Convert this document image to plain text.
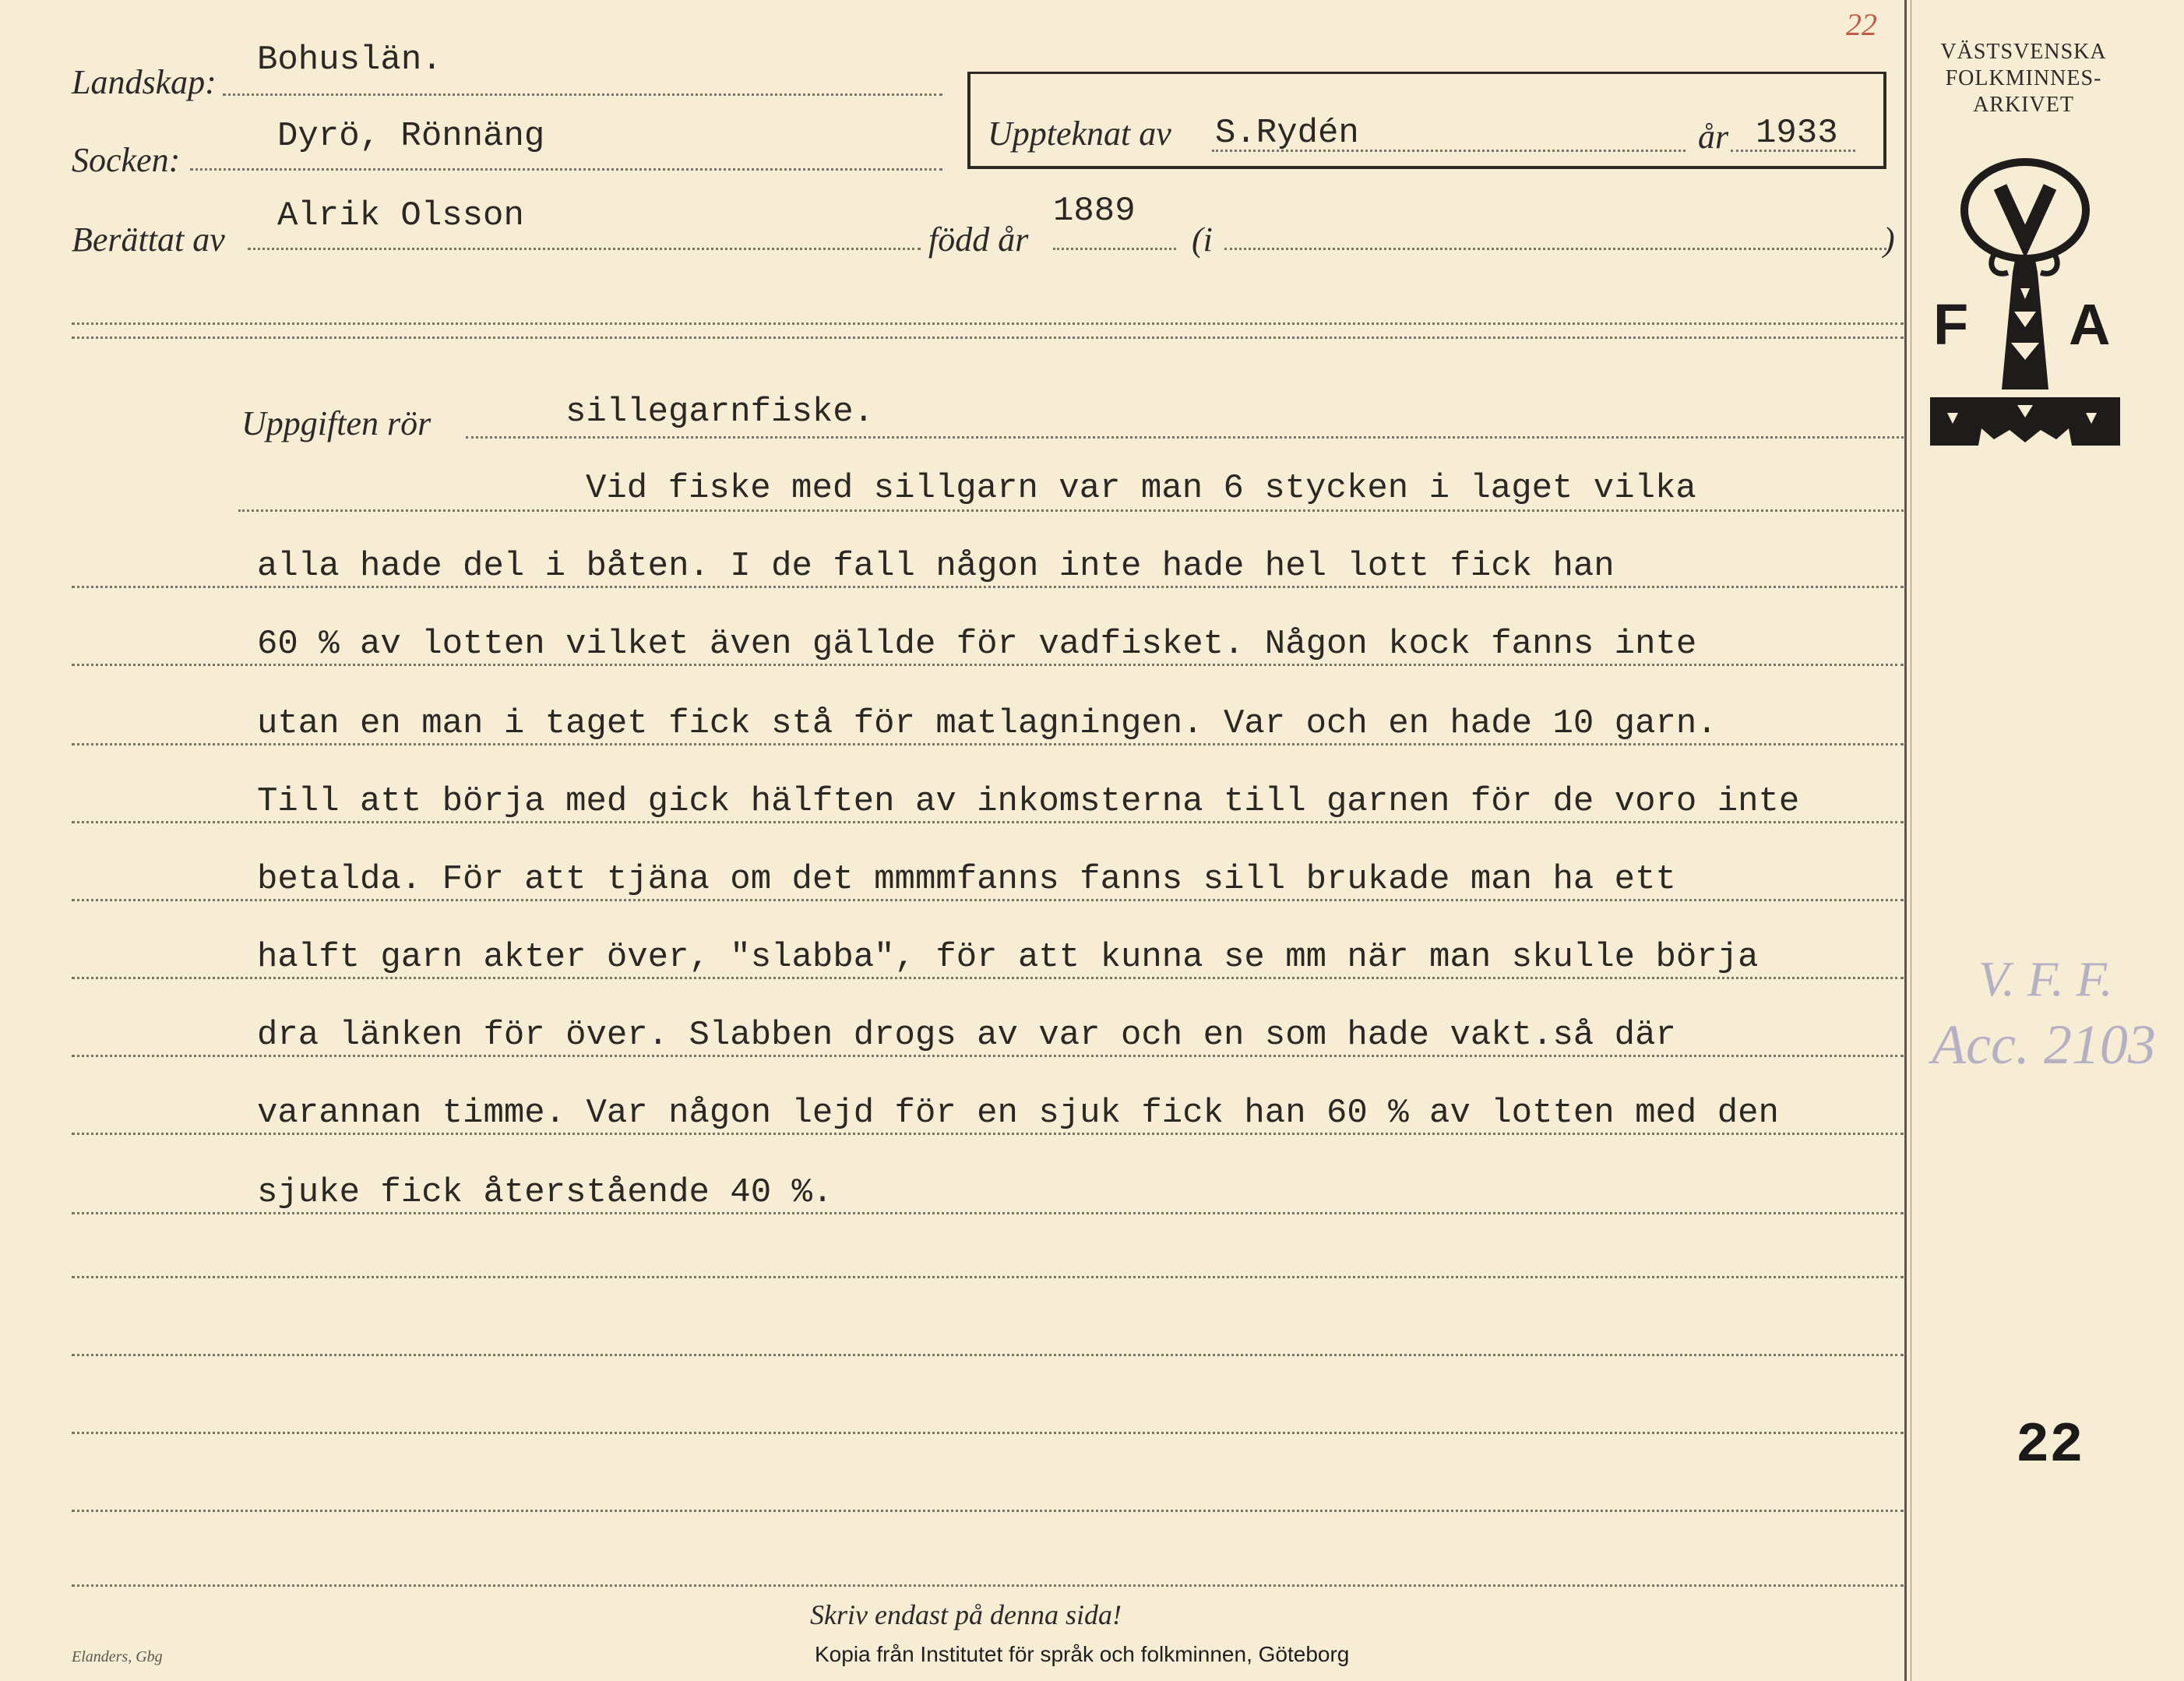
22
Landskap:
Bohuslän.
Socken:
Dyrö, Rönnäng	Uppteknat av S.Rydén	år 1933
Berättat av
Alrik Olsson
född år
1889
(i	)
VÄSTSVENSKA
FOLKMINNES-
ARKIVET
F A
Uppgiften rör	sillegarnfiske.
Vid fiske med sillgarn var man 6 stycken i laget vilka
alla hade del i båten. I de fall någon inte hade hel lott fick han
60 % av lotten vilket även gällde för vadfisket. Någon kock fanns inte
utan en man i taget fick stå för matlagningen. Var och en hade 10 garn.
Till att börja med gick hälften av inkomsterna till garnen för de voro inte
betalda. För att tjäna om det mmmmfanns fanns sill brukade man ha ett
halft garn akter över, "slabba", för att kunna se mm när man skulle börja
dra länken för över. Slabben drogs av var och en som hade vakt.så där
varannan timme. Var någon lejd för en sjuk fick han 60 % av lotten med den
sjuke fick återstående 40 %.
V. F. F.
Acc. 2103
22
Skriv endast på denna sida!
Elanders, Gbg	Kopia från Institutet för språk och folkminnen, Göteborg
